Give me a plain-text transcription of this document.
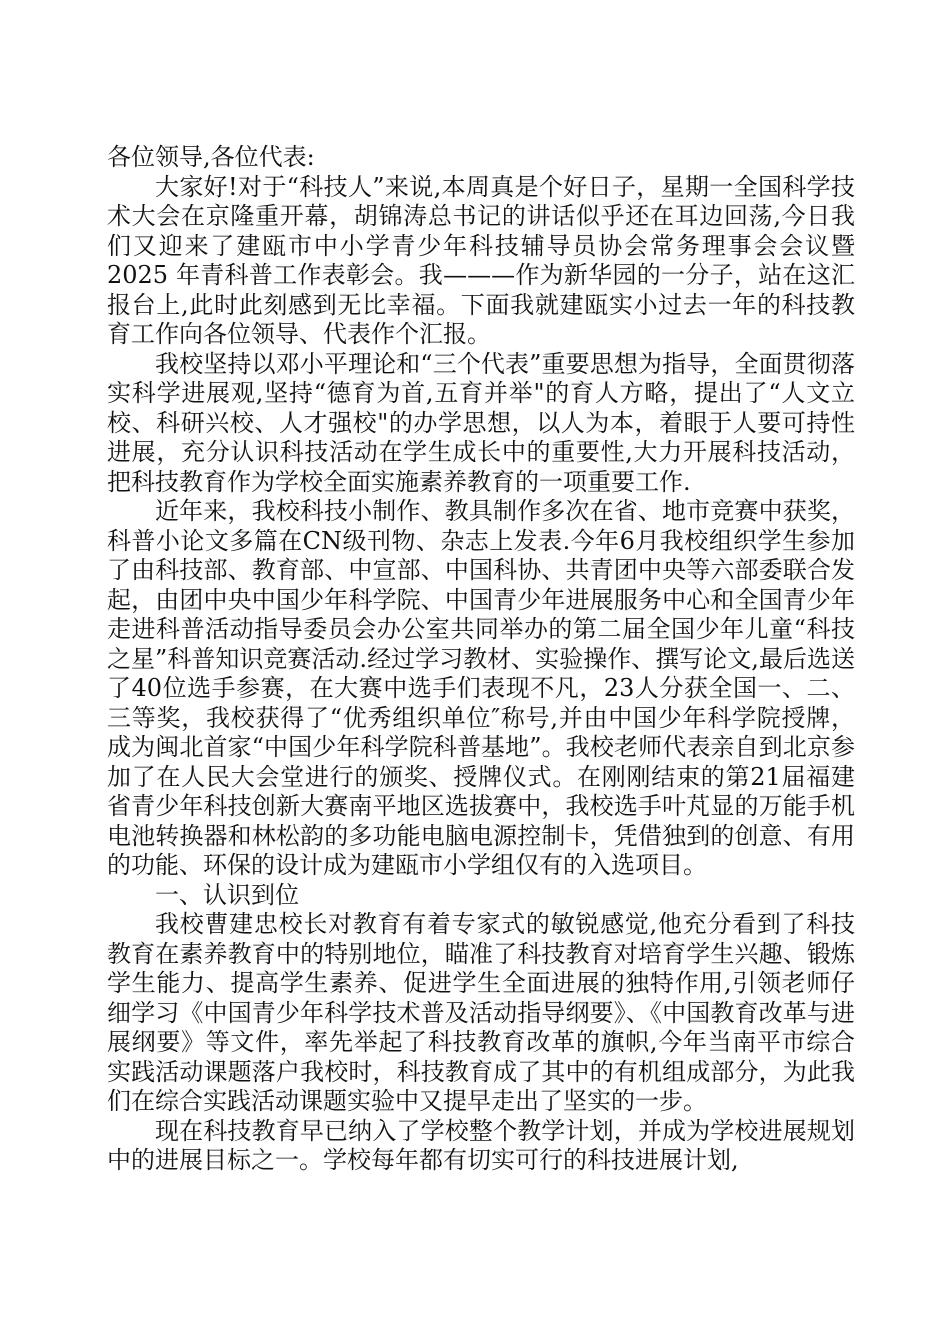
各位领导,各位代表:

大家好!对于“科技人”来说,本周真是个好日子，星期一全国科学技术大会在京隆重开幕，胡锦涛总书记的讲话似乎还在耳边回荡,今日我们又迎来了建瓯市中小学青少年科技辅导员协会常务理事会会议暨 2025 年青科普工作表彰会。我———作为新华园的一分子，站在这汇报台上,此时此刻感到无比幸福。下面我就建瓯实小过去一年的科技教育工作向各位领导、代表作个汇报。

我校坚持以邓小平理论和“三个代表”重要思想为指导，全面贯彻落实科学进展观,坚持“德育为首,五育并举"的育人方略，提出了“人文立校、科研兴校、人才强校"的办学思想，以人为本，着眼于人要可持性进展，充分认识科技活动在学生成长中的重要性,大力开展科技活动，把科技教育作为学校全面实施素养教育的一项重要工作.

近年来，我校科技小制作、教具制作多次在省、地市竞赛中获奖，科普小论文多篇在CN级刊物、杂志上发表.今年6月我校组织学生参加了由科技部、教育部、中宣部、中国科协、共青团中央等六部委联合发起，由团中央中国少年科学院、中国青少年进展服务中心和全国青少年走进科普活动指导委员会办公室共同举办的第二届全国少年儿童“科技之星”科普知识竞赛活动.经过学习教材、实验操作、撰写论文,最后选送了40位选手参赛，在大赛中选手们表现不凡，23人分获全国一、二、三等奖，我校获得了“优秀组织单位″称号,并由中国少年科学院授牌，成为闽北首家“中国少年科学院科普基地”。我校老师代表亲自到北京参加了在人民大会堂进行的颁奖、授牌仪式。在刚刚结束的第21届福建省青少年科技创新大赛南平地区选拔赛中，我校选手叶芃显的万能手机电池转换器和林松韵的多功能电脑电源控制卡，凭借独到的创意、有用的功能、环保的设计成为建瓯市小学组仅有的入选项目。

一、认识到位

我校曹建忠校长对教育有着专家式的敏锐感觉,他充分看到了科技教育在素养教育中的特别地位，瞄准了科技教育对培育学生兴趣、锻炼学生能力、提高学生素养、促进学生全面进展的独特作用,引领老师仔细学习《中国青少年科学技术普及活动指导纲要》、《中国教育改革与进展纲要》等文件，率先举起了科技教育改革的旗帜,今年当南平市综合实践活动课题落户我校时，科技教育成了其中的有机组成部分，为此我们在综合实践活动课题实验中又提早走出了坚实的一步。

现在科技教育早已纳入了学校整个教学计划，并成为学校进展规划中的进展目标之一。学校每年都有切实可行的科技进展计划,
